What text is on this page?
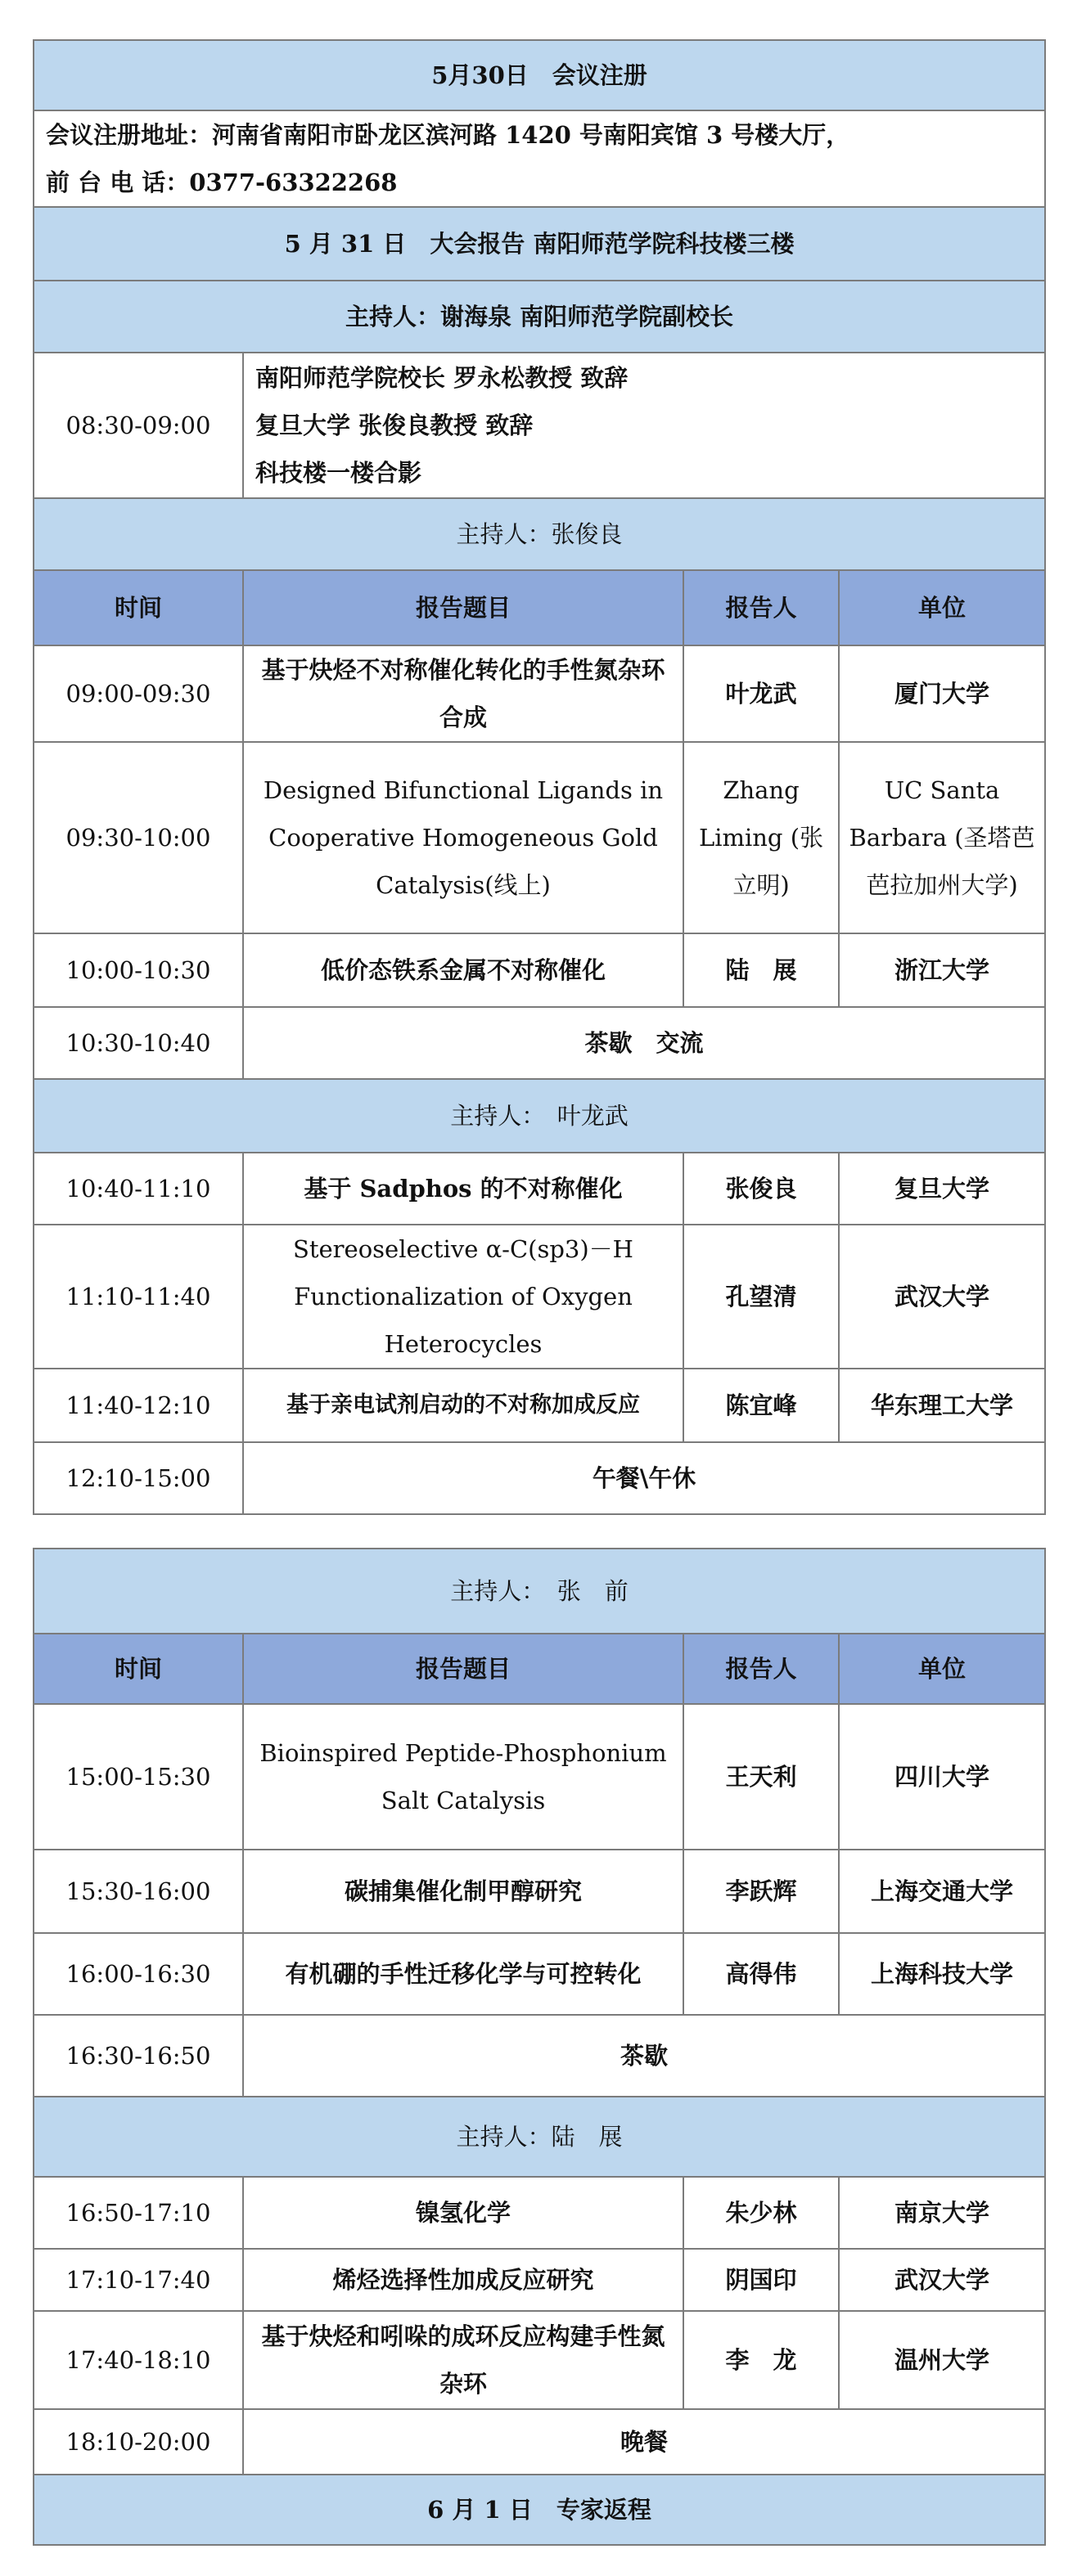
5月30日　会议注册			

会议注册地址：河南省南阳市卧龙区滨河路 1420 号南阳宾馆 3 号楼大厅，
前 台 电 话：0377-63322268			

5 月 31 日　大会报告 南阳师范学院科技楼三楼			
主持人：谢海泉 南阳师范学院副校长			
08:30-09:00	南阳师范学院校长 罗永松教授 致辞
复旦大学 张俊良教授 致辞
科技楼一楼合影		

主持人：张俊良			
时间	报告题目	报告人	单位
09:00-09:30	基于炔烃不对称催化转化的手性氮杂环合成	叶龙武	厦门大学
09:30-10:00	Designed Bifunctional Ligands in Cooperative Homogeneous Gold Catalysis(线上)	Zhang Liming (张立明)	UC Santa Barbara (圣塔芭芭拉加州大学)
10:00-10:30	低价态铁系金属不对称催化	陆　展	浙江大学
10:30-10:40	茶歇　交流		
主持人：　叶龙武			
10:40-11:10	基于 Sadphos 的不对称催化	张俊良	复旦大学
11:10-11:40	Stereoselective α-C(sp3)－H Functionalization of Oxygen Heterocycles	孔望清	武汉大学
11:40-12:10	基于亲电试剂启动的不对称加成反应	陈宜峰	华东理工大学
12:10-15:00	午餐\午休		
主持人：　张　前			
时间	报告题目	报告人	单位
15:00-15:30	Bioinspired Peptide-Phosphonium Salt Catalysis	王天利	四川大学
15:30-16:00	碳捕集催化制甲醇研究	李跃辉	上海交通大学
16:00-16:30	有机硼的手性迁移化学与可控转化	高得伟	上海科技大学
16:30-16:50	茶歇		
主持人：陆　展			
16:50-17:10	镍氢化学	朱少林	南京大学
17:10-17:40	烯烃选择性加成反应研究	阴国印	武汉大学
17:40-18:10	基于炔烃和吲哚的成环反应构建手性氮杂环	李　龙	温州大学
18:10-20:00	晚餐		
6 月 1 日　专家返程			
